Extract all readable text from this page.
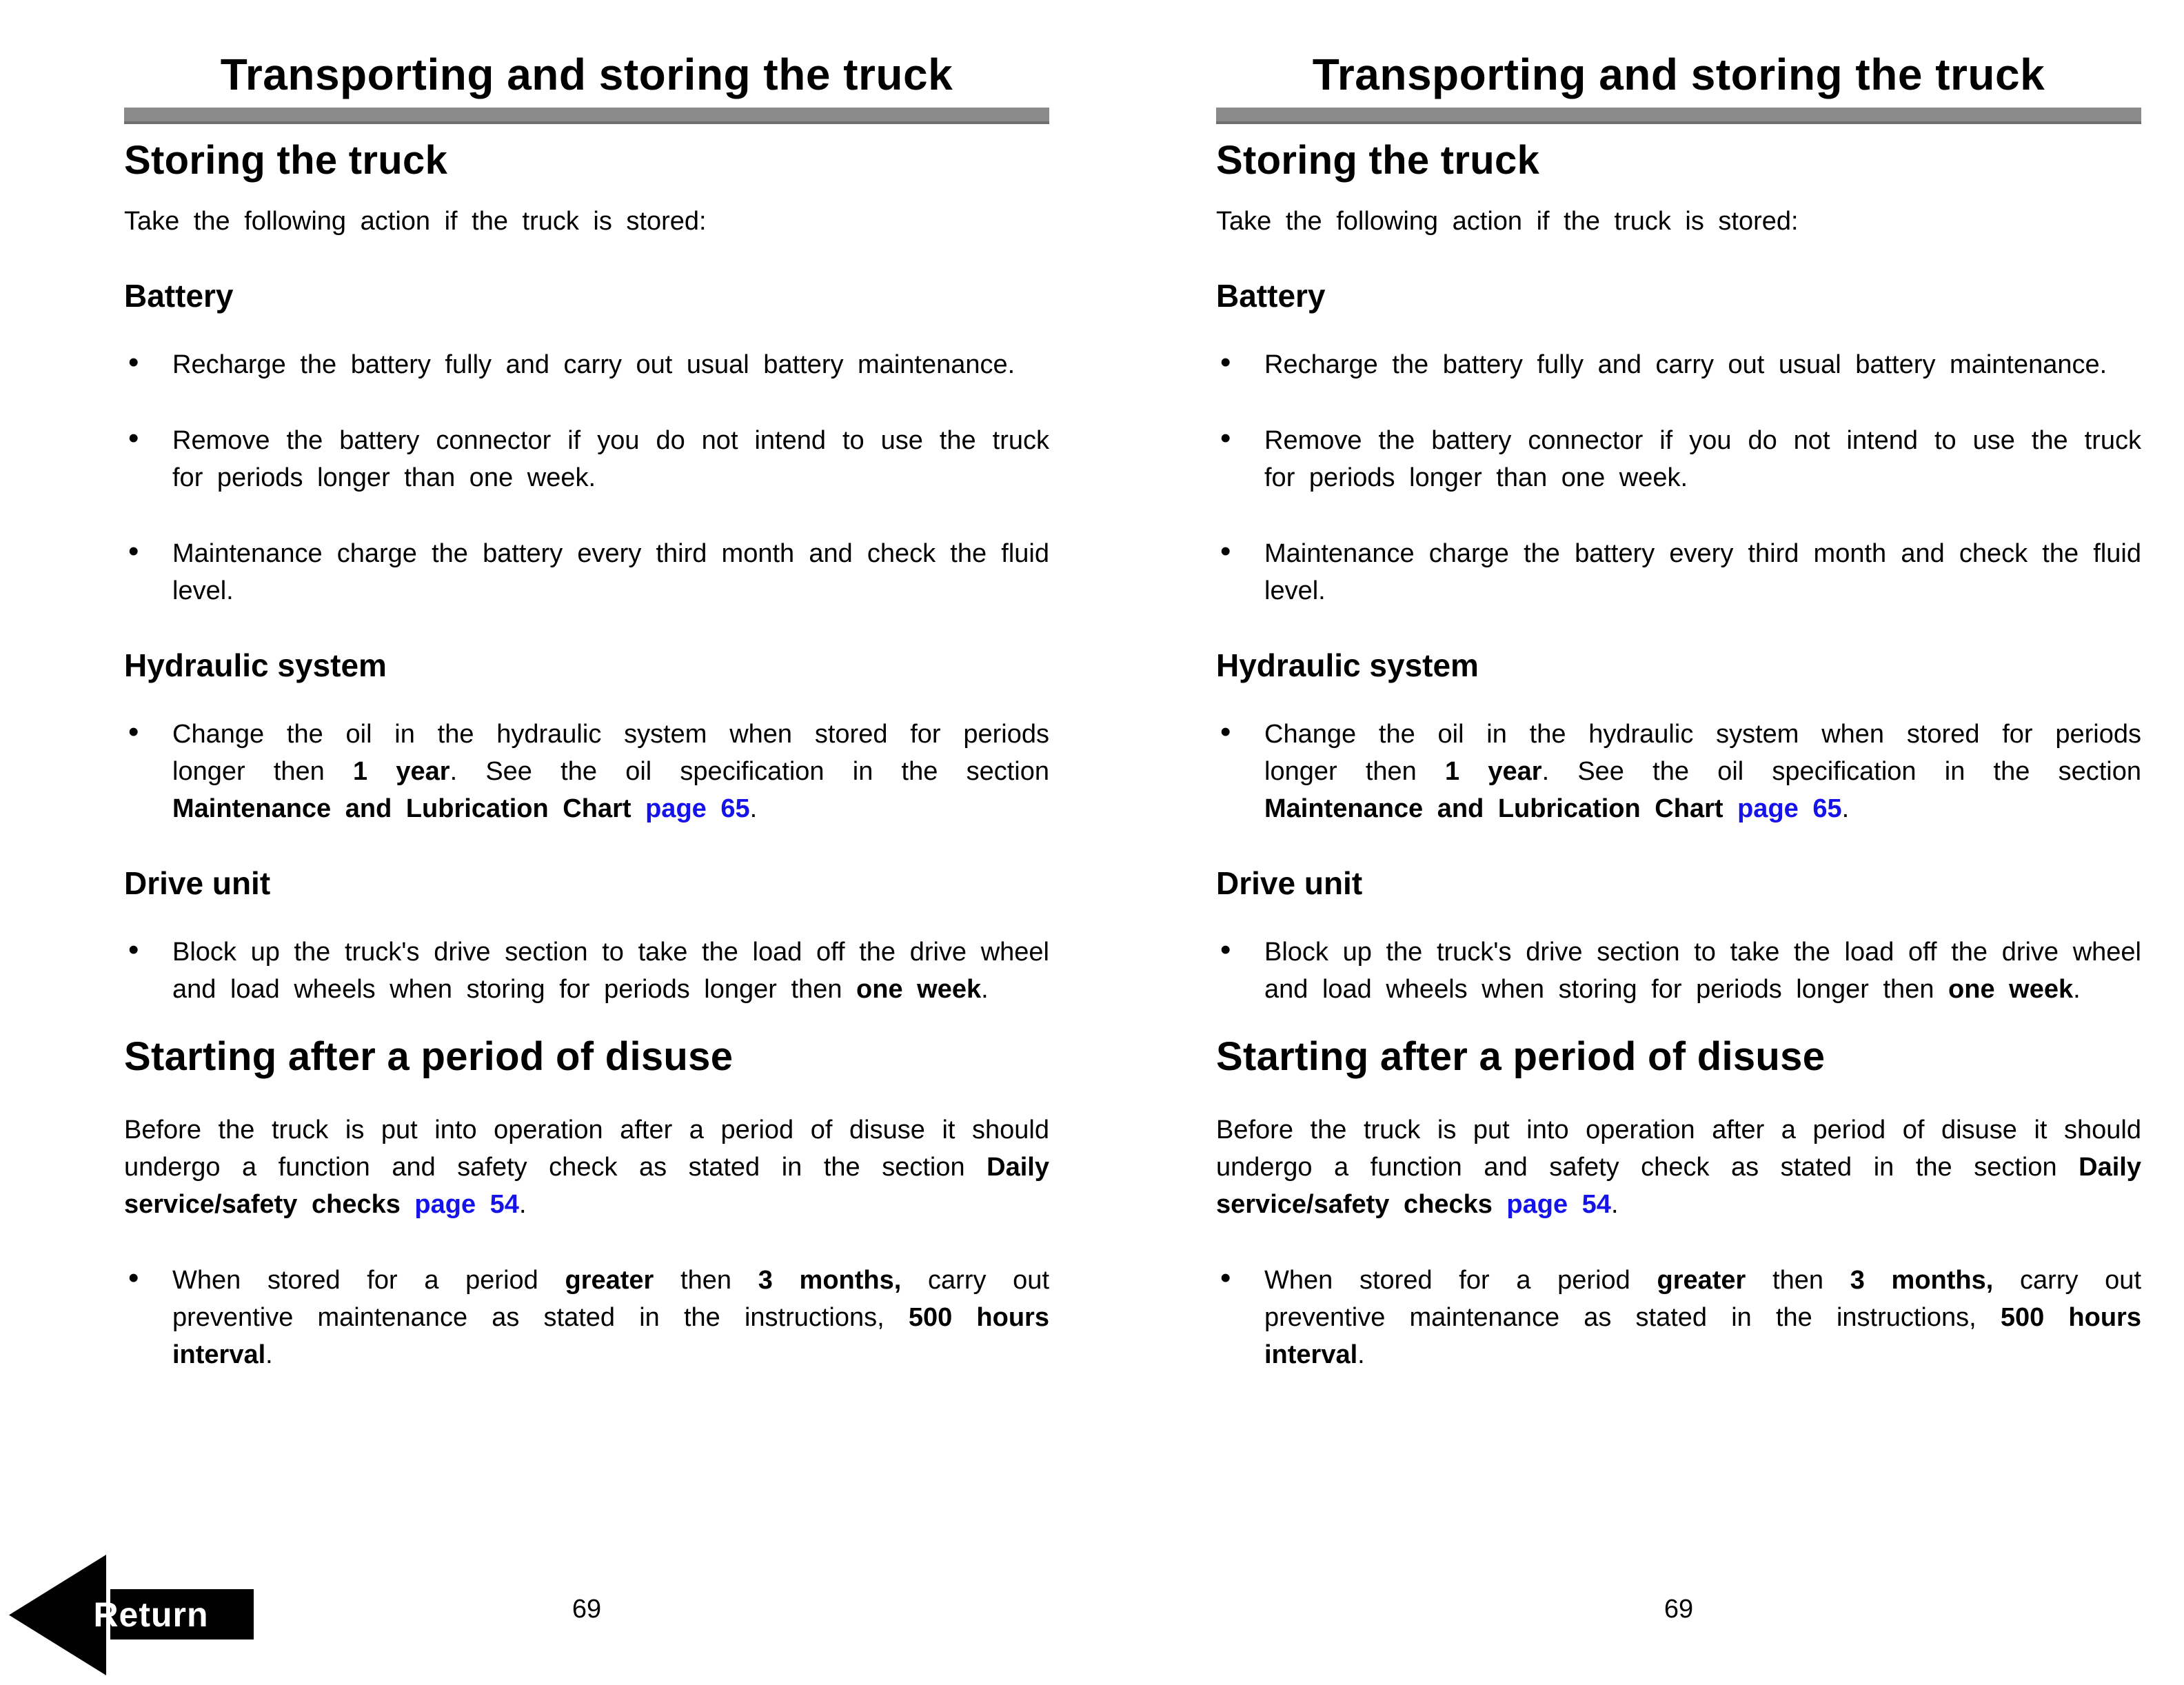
Transporting and storing the truck
Storing the truck

Take the following action if the truck is stored:

Battery
• Recharge the battery fully and carry out usual battery maintenance.
• Remove the battery connector if you do not intend to use the truck for periods longer than one week.
• Maintenance charge the battery every third month and check the fluid level.
Hydraulic system
• Change the oil in the hydraulic system when stored for periods longer then 1 year. See the oil specification in the section Maintenance and Lubrication Chart page 65.
Drive unit
• Block up the truck's drive section to take the load off the drive wheel and load wheels when storing for periods longer then one week.
Starting after a period of disuse

Before the truck is put into operation after a period of disuse it should undergo a function and safety check as stated in the section Daily service/safety checks page 54.

• When stored for a period greater then 3 months, carry out preventive maintenance as stated in the instructions, 500 hours interval.
69
Transporting and storing the truck
Storing the truck

Take the following action if the truck is stored:

Battery
• Recharge the battery fully and carry out usual battery maintenance.
• Remove the battery connector if you do not intend to use the truck for periods longer than one week.
• Maintenance charge the battery every third month and check the fluid level.
Hydraulic system
• Change the oil in the hydraulic system when stored for periods longer then 1 year. See the oil specification in the section Maintenance and Lubrication Chart page 65.
Drive unit
• Block up the truck's drive section to take the load off the drive wheel and load wheels when storing for periods longer then one week.
Starting after a period of disuse

Before the truck is put into operation after a period of disuse it should undergo a function and safety check as stated in the section Daily service/safety checks page 54.

• When stored for a period greater then 3 months, carry out preventive maintenance as stated in the instructions, 500 hours interval.
69
Return
